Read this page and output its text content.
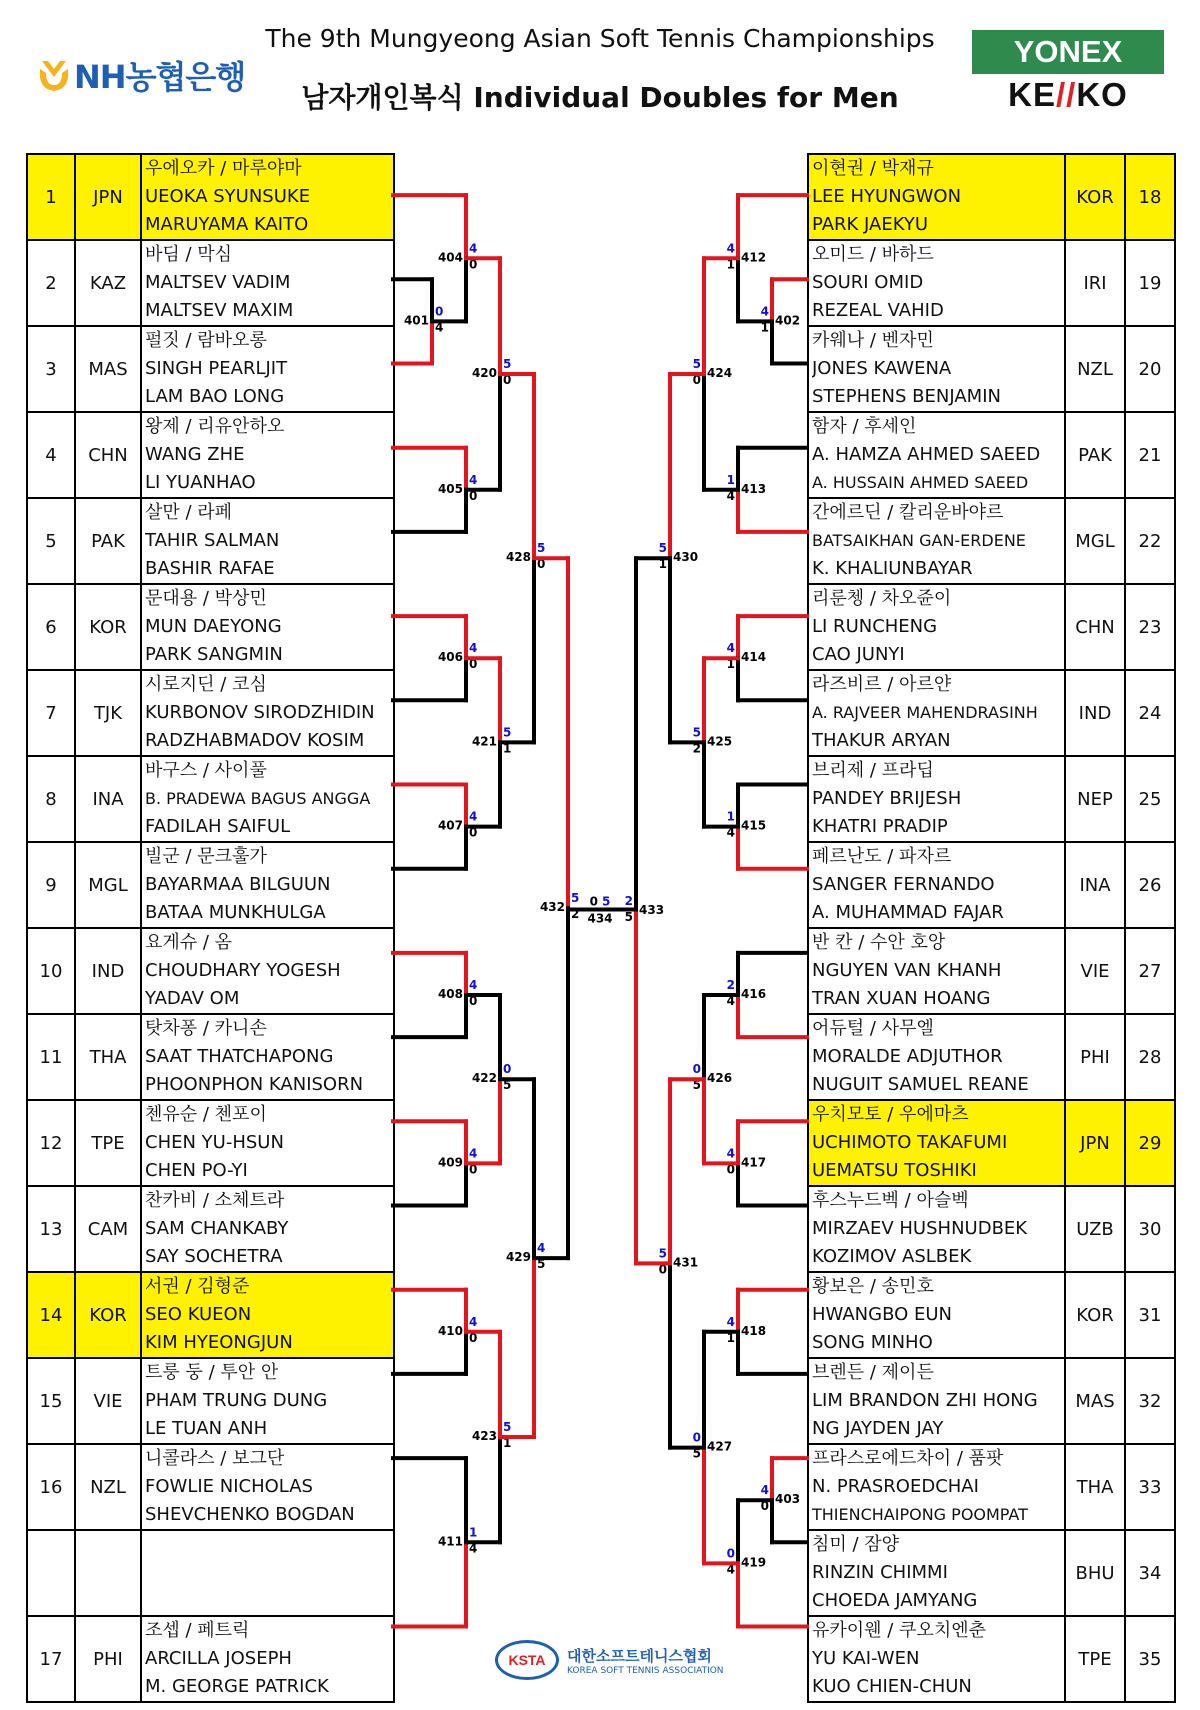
The 9th Mungyeong Asian Soft Tennis Championships
남자개인복식 Individual Doubles for Men
NH농협은행
YONEX
KE//KO
1	JPN	우에오카 / 마루야마
UEOKA SYUNSUKE
MARUYAMA KAITO

2	KAZ	바딤 / 막심
MALTSEV VADIM
MALTSEV MAXIM

3	MAS	펄짓 / 람바오롱
SINGH PEARLJIT
LAM BAO LONG

4	CHN	왕제 / 리유안하오
WANG ZHE
LI YUANHAO

5	PAK	살만 / 라페
TAHIR SALMAN
BASHIR RAFAE

6	KOR	문대용 / 박상민
MUN DAEYONG
PARK SANGMIN

7	TJK	시로지딘 / 코심
KURBONOV SIRODZHIDIN
RADZHABMADOV KOSIM

8	INA	바구스 / 사이풀
B. PRADEWA BAGUS ANGGA
FADILAH SAIFUL

9	MGL	빌군 / 문크훌가
BAYARMAA BILGUUN
BATAA MUNKHULGA

10	IND	요게슈 / 옴
CHOUDHARY YOGESH
YADAV OM

11	THA	탓차퐁 / 카니손
SAAT THATCHAPONG
PHOONPHON KANISORN

12	TPE	첸유순 / 첸포이
CHEN YU-HSUN
CHEN PO-YI

13	CAM	찬카비 / 소체트라
SAM CHANKABY
SAY SOCHETRA

14	KOR	서권 / 김형준
SEO KUEON
KIM HYEONGJUN

15	VIE	트룽 둥 / 투안 안
PHAM TRUNG DUNG
LE TUAN ANH

16	NZL	니콜라스 / 보그단
FOWLIE NICHOLAS
SHEVCHENKO BOGDAN

17	PHI	조셉 / 페트릭
ARCILLA JOSEPH
M. GEORGE PATRICK
이현권 / 박재규
LEE HYUNGWON
PARK JAEKYU	KOR	18

오미드 / 바하드
SOURI OMID
REZEAL VAHID	IRI	19

카웨나 / 벤자민
JONES KAWENA
STEPHENS BENJAMIN	NZL	20

함자 / 후세인
A. HAMZA AHMED SAEED
A. HUSSAIN AHMED SAEED	PAK	21

간에르딘 / 칼리운바야르
BATSAIKHAN GAN-ERDENE
K. KHALIUNBAYAR	MGL	22

리룬쳉 / 차오쥰이
LI RUNCHENG
CAO JUNYI	CHN	23

라즈비르 / 아르얀
A. RAJVEER MAHENDRASINH
THAKUR ARYAN	IND	24

브리제 / 프라딥
PANDEY BRIJESH
KHATRI PRADIP	NEP	25

페르난도 / 파자르
SANGER FERNANDO
A. MUHAMMAD FAJAR	INA	26

반 칸 / 수안 호앙
NGUYEN VAN KHANH
TRAN XUAN HOANG	VIE	27

어듀털 / 사무엘
MORALDE ADJUTHOR
NUGUIT SAMUEL REANE	PHI	28

우치모토 / 우에마츠
UCHIMOTO TAKAFUMI
UEMATSU TOSHIKI	JPN	29

후스누드벡 / 아슬벡
MIRZAEV HUSHNUDBEK
KOZIMOV ASLBEK	UZB	30

황보은 / 송민호
HWANGBO EUN
SONG MINHO	KOR	31

브렌든 / 제이든
LIM BRANDON ZHI HONG
NG JAYDEN JAY	MAS	32

프라스로에드차이 / 품팟
N. PRASROEDCHAI
THIENCHAIPONG POOMPAT	THA	33

침미 / 잠양
RINZIN CHIMMI
CHOEDA JAMYANG	BHU	34

유카이웬 / 쿠오치엔춘
YU KAI-WEN
KUO CHIEN-CHUN	TPE	35
0
4
401
4
0
404
4
0
405
4
0
406
4
0
407
4
0
408
4
0
409
4
0
410
1
4
411
5
0
420
5
1
421
0
5
422
5
1
423
5
0
428
4
5
429
5
2
432
4
1 402
4
1 412
1
4 413
4
1 414
1
4 415
2
4 416
4
0 417
4
1 418
4
0 403
0
4 419
5
0 424
5
2 425
0
5 426
0
5 427
5
1 430
5
0 431
2
5 433
0 5
434
KSTA	대한소프트테니스협회
KOREA SOFT TENNIS ASSOCIATION
